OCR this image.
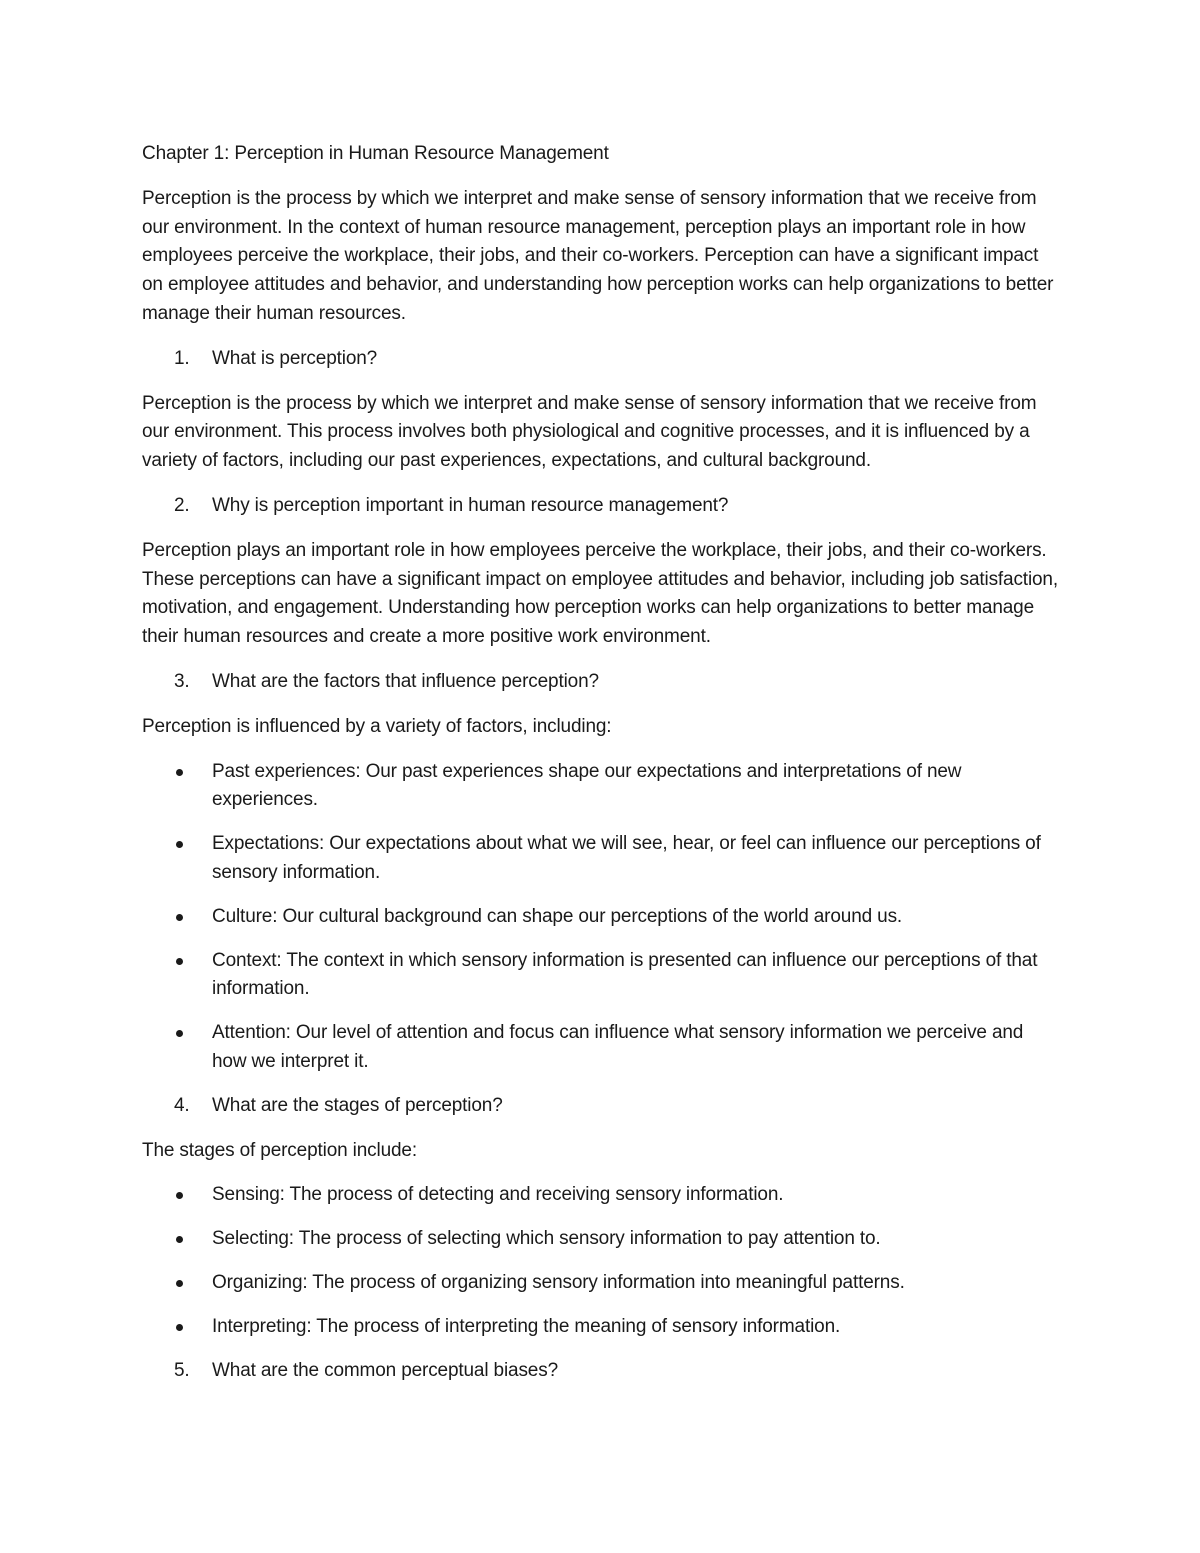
Chapter 1: Perception in Human Resource Management

Perception is the process by which we interpret and make sense of sensory information that we receive from our environment. In the context of human resource management, perception plays an important role in how employees perceive the workplace, their jobs, and their co-workers. Perception can have a significant impact on employee attitudes and behavior, and understanding how perception works can help organizations to better manage their human resources.

1. What is perception?

Perception is the process by which we interpret and make sense of sensory information that we receive from our environment. This process involves both physiological and cognitive processes, and it is influenced by a variety of factors, including our past experiences, expectations, and cultural background.

2. Why is perception important in human resource management?

Perception plays an important role in how employees perceive the workplace, their jobs, and their co-workers. These perceptions can have a significant impact on employee attitudes and behavior, including job satisfaction, motivation, and engagement. Understanding how perception works can help organizations to better manage their human resources and create a more positive work environment.

3. What are the factors that influence perception?

Perception is influenced by a variety of factors, including:

Past experiences: Our past experiences shape our expectations and interpretations of new experiences.
Expectations: Our expectations about what we will see, hear, or feel can influence our perceptions of sensory information.
Culture: Our cultural background can shape our perceptions of the world around us.
Context: The context in which sensory information is presented can influence our perceptions of that information.
Attention: Our level of attention and focus can influence what sensory information we perceive and how we interpret it.
4. What are the stages of perception?

The stages of perception include:

Sensing: The process of detecting and receiving sensory information.
Selecting: The process of selecting which sensory information to pay attention to.
Organizing: The process of organizing sensory information into meaningful patterns.
Interpreting: The process of interpreting the meaning of sensory information.
5. What are the common perceptual biases?
